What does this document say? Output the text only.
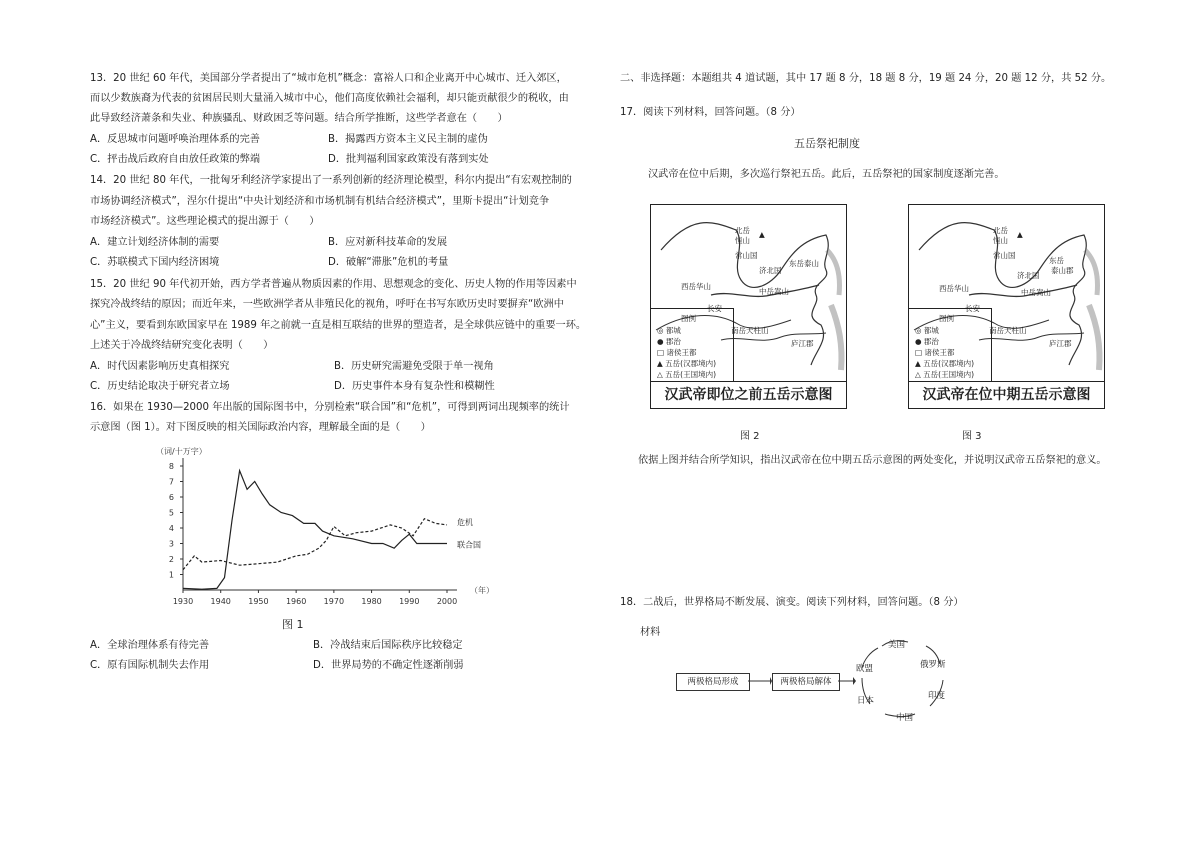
13．20 世纪 60 年代，美国部分学者提出了“城市危机”概念：富裕人口和企业离开中心城市、迁入郊区，
而以少数族裔为代表的贫困居民则大量涌入城市中心，他们高度依赖社会福利，却只能贡献很少的税收，由
此导致经济萧条和失业、种族骚乱、财政困乏等问题。结合所学推断，这些学者意在（　　）
A．反思城市问题呼唤治理体系的完善	B．揭露西方资本主义民主制的虚伪
C．抨击战后政府自由放任政策的弊端	D．批判福利国家政策没有落到实处
14．20 世纪 80 年代，一批匈牙利经济学家提出了一系列创新的经济理论模型，科尔内提出“有宏观控制的
市场协调经济模式”，涅尔什提出“中央计划经济和市场机制有机结合经济模式”，里斯卡提出“计划竞争
市场经济模式”。这些理论模式的提出源于（　　）
A．建立计划经济体制的需要	B．应对新科技革命的发展
C．苏联模式下国内经济困境	D．破解“滞胀”危机的考量
15．20 世纪 90 年代初开始，西方学者普遍从物质因素的作用、思想观念的变化、历史人物的作用等因素中
探究冷战终结的原因；而近年来，一些欧洲学者从非殖民化的视角，呼吁在书写东欧历史时要摒弃“欧洲中
心”主义，要看到东欧国家早在 1989 年之前就一直是相互联结的世界的塑造者，是全球供应链中的重要一环。
上述关于冷战终结研究变化表明（　　）
A．时代因素影响历史真相探究	B．历史研究需避免受限于单一视角
C．历史结论取决于研究者立场	D．历史事件本身有复杂性和模糊性
16．如果在 1930—2000 年出版的国际图书中，分别检索“联合国”和“危机”，可得到两词出现频率的统计
示意图（图 1）。对下图反映的相关国际政治内容，理解最全面的是（　　）
（词/十万字）
（年）
1
2
3
4
5
6
7
8
1930 1940 1950 1960 1970 1980 1990 2000
联合国
危机
图 1
A．全球治理体系有待完善	B．冷战结束后国际秩序比较稳定
C．原有国际机制失去作用	D．世界局势的不确定性逐渐削弱
二、非选择题：本题组共 4 道试题，其中 17 题 8 分，18 题 8 分，19 题 24 分，20 题 12 分，共 52 分。
17．阅读下列材料，回答问题。（8 分）
五岳祭祀制度
汉武帝在位中后期，多次巡行祭祀五岳。此后，五岳祭祀的国家制度逐渐完善。
北岳
恒山
▲
常山国
济北国
东岳泰山
西岳华山
中岳嵩山
长安
南岳天柱山
庐江郡
图例
◎ 都城
● 郡治
□ 诸侯王都
▲ 五岳(汉郡境内)
△ 五岳(王国境内)
汉武帝即位之前五岳示意图
北岳
恒山
▲
常山国
济北国
东岳
泰山郡
西岳华山	中岳嵩山
长安
南岳天柱山
庐江郡
图例
◎ 都城
● 郡治
□ 诸侯王都
▲ 五岳(汉郡境内)
△ 五岳(王国境内)
汉武帝在位中期五岳示意图
图 2	图 3
依据上图并结合所学知识，指出汉武帝在位中期五岳示意图的两处变化，并说明汉武帝五岳祭祀的意义。
18．二战后，世界格局不断发展、演变。阅读下列材料，回答问题。（8 分）
材料
两极格局形成	两极格局解体
美国
俄罗斯
印度
中国
日本
欧盟
